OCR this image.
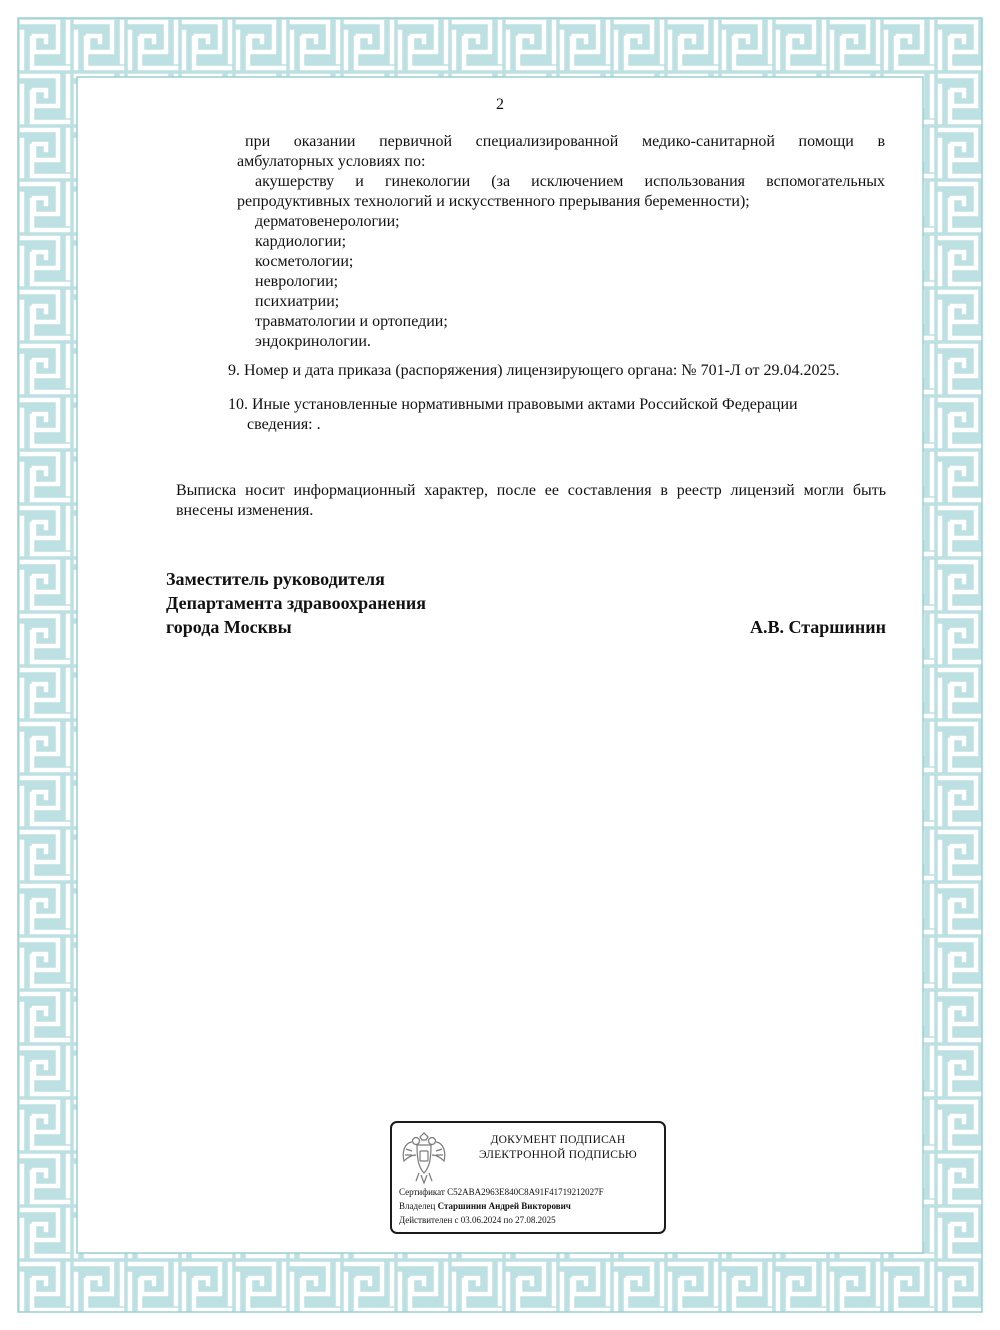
2
при оказании первичной специализированной медико-санитарной помощи в
амбулаторных условиях по:
акушерству и гинекологии (за исключением использования вспомогательных
репродуктивных технологий и искусственного прерывания беременности);
дерматовенерологии;
кардиологии;
косметологии;
неврологии;
психиатрии;
травматологии и ортопедии;
эндокринологии.
9. Номер и дата приказа (распоряжения) лицензирующего органа: № 701-Л от 29.04.2025.
10. Иные установленные нормативными правовыми актами Российской Федерации
сведения: .
Выписка носит информационный характер, после ее составления в реестр лицензий могли быть
внесены изменения.
Заместитель руководителя
Департамента здравоохранения
города Москвы	А.В. Старшинин
ДОКУМЕНТ ПОДПИСАН
ЭЛЕКТРОННОЙ ПОДПИСЬЮ
Сертификат C52ABA2963E840C8A91F41719212027F
Владелец Старшинин Андрей Викторович
Действителен с 03.06.2024 по 27.08.2025
